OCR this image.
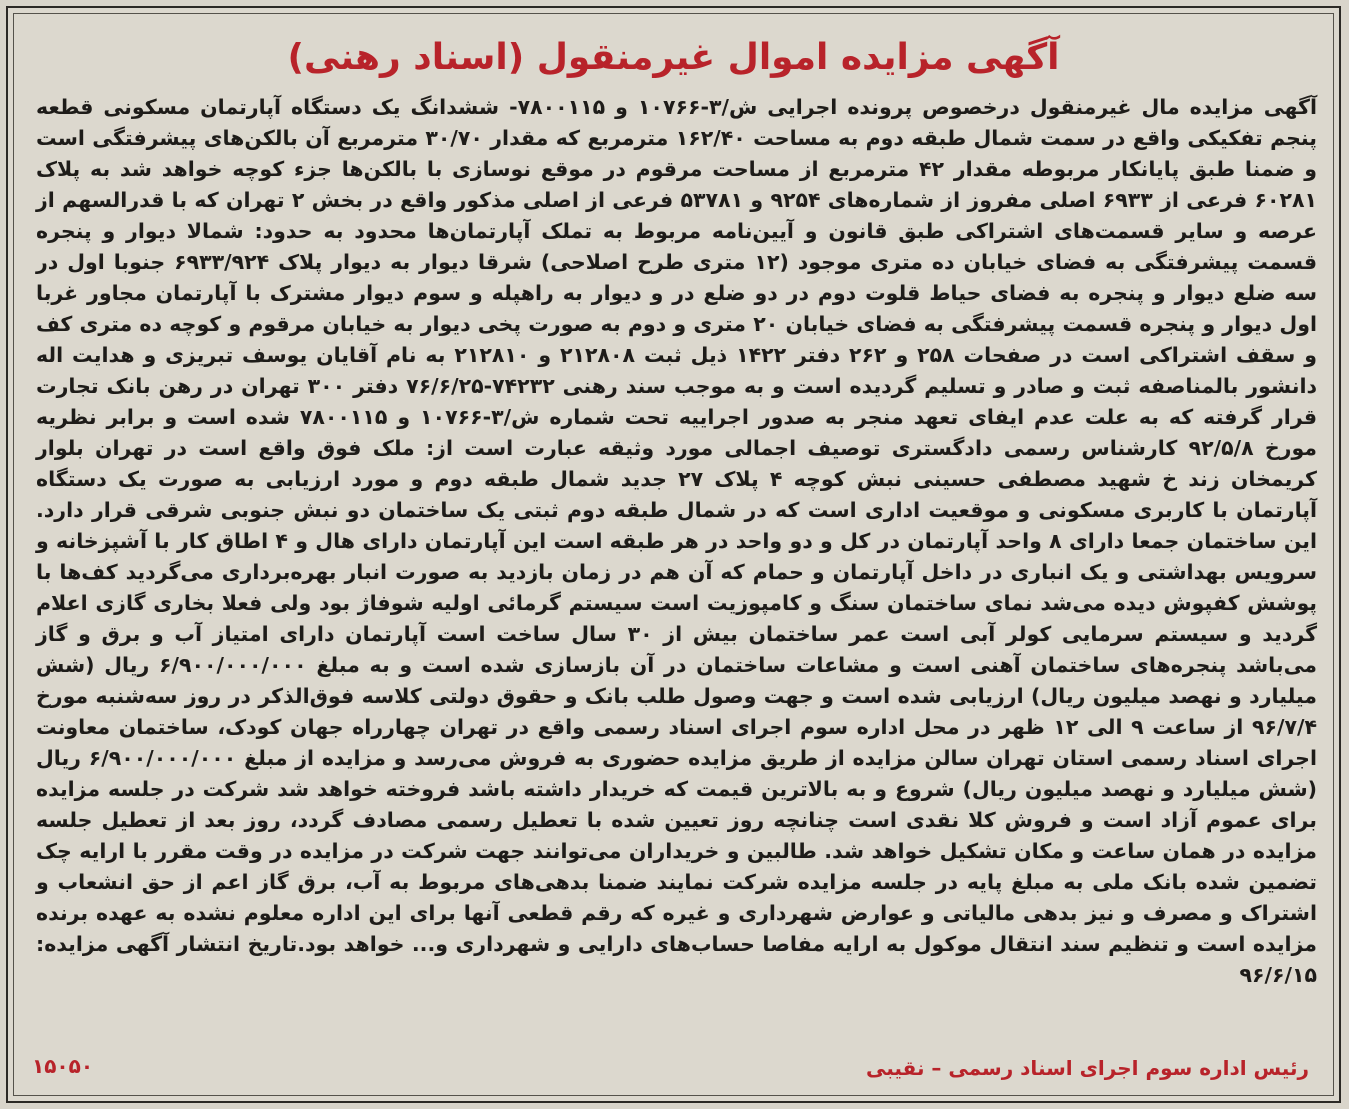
آگهی مزایده اموال غیرمنقول (اسناد رهنی)
آگهی مزایده مال غیرمنقول درخصوص پرونده اجرایی ش/۳-۱۰۷۶۶ و ۷۸۰۰۱۱۵- ششدانگ یک دستگاه آپارتمان مسکونی قطعه پنجم تفکیکی واقع در سمت شمال طبقه دوم به مساحت ۱۶۲/۴۰ مترمربع که مقدار ۳۰/۷۰ مترمربع آن بالکن‌های پیشرفتگی است و ضمنا طبق پایانکار مربوطه مقدار ۴۲ مترمربع از مساحت مرقوم در موقع نوسازی با بالکن‌ها جزء کوچه خواهد شد به پلاک ۶۰۲۸۱ فرعی از ۶۹۳۳ اصلی مفروز از شماره‌های ۹۲۵۴ و ۵۳۷۸۱ فرعی از اصلی مذکور واقع در بخش ۲ تهران که با قدرالسهم از عرصه و سایر قسمت‌های اشتراکی طبق قانون و آیین‌نامه مربوط به تملک آپارتمان‌ها محدود به حدود: شمالا دیوار و پنجره قسمت پیشرفتگی به فضای خیابان ده متری موجود (۱۲ متری طرح اصلاحی) شرقا دیوار به دیوار پلاک ۶۹۳۳/۹۲۴ جنوبا اول در سه ضلع دیوار و پنجره به فضای حیاط قلوت دوم در دو ضلع در و دیوار به راهپله و سوم دیوار مشترک با آپارتمان مجاور غربا اول دیوار و پنجره قسمت پیشرفتگی به فضای خیابان ۲۰ متری و دوم به صورت پخی دیوار به خیابان مرقوم و کوچه ده متری کف و سقف اشتراکی است در صفحات ۲۵۸ و ۲۶۲ دفتر ۱۴۲۲ ذیل ثبت ۲۱۲۸۰۸ و ۲۱۲۸۱۰ به نام آقایان یوسف تبریزی و هدایت اله دانشور بالمناصفه ثبت و صادر و تسلیم گردیده است و به موجب سند رهنی ۷۴۲۳۲-۷۶/۶/۲۵ دفتر ۳۰۰ تهران در رهن بانک تجارت قرار گرفته که به علت عدم ایفای تعهد منجر به صدور اجراییه تحت شماره ش/۳-۱۰۷۶۶ و ۷۸۰۰۱۱۵ شده است و برابر نظریه مورخ ۹۲/۵/۸ کارشناس رسمی دادگستری توصیف اجمالی مورد وثیقه عبارت است از: ملک فوق واقع است در تهران بلوار کریمخان زند خ شهید مصطفی حسینی نبش کوچه ۴ پلاک ۲۷ جدید شمال طبقه دوم و مورد ارزیابی به صورت یک دستگاه آپارتمان با کاربری مسکونی و موقعیت اداری است که در شمال طبقه دوم ثبتی یک ساختمان دو نبش جنوبی شرقی قرار دارد. این ساختمان جمعا دارای ۸ واحد آپارتمان در کل و دو واحد در هر طبقه است این آپارتمان دارای هال و ۴ اطاق کار با آشپزخانه و سرویس بهداشتی و یک انباری در داخل آپارتمان و حمام که آن هم در زمان بازدید به صورت انبار بهره‌برداری می‌گردید کف‌ها با پوشش کفپوش دیده می‌شد نمای ساختمان سنگ و کامپوزیت است سیستم گرمائی اولیه شوفاژ بود ولی فعلا بخاری گازی اعلام گردید و سیستم سرمایی کولر آبی است عمر ساختمان بیش از ۳۰ سال ساخت است آپارتمان دارای امتیاز آب و برق و گاز می‌باشد پنجره‌های ساختمان آهنی است و مشاعات ساختمان در آن بازسازی شده است و به مبلغ ۶/۹۰۰/۰۰۰/۰۰۰ ریال (شش میلیارد و نهصد میلیون ریال) ارزیابی شده است و جهت وصول طلب بانک و حقوق دولتی کلاسه فوق‌الذکر در روز سه‌شنبه مورخ ۹۶/۷/۴ از ساعت ۹ الی ۱۲ ظهر در محل اداره سوم اجرای اسناد رسمی واقع در تهران چهارراه جهان کودک، ساختمان معاونت اجرای اسناد رسمی استان تهران سالن مزایده از طریق مزایده حضوری به فروش می‌رسد و مزایده از مبلغ ۶/۹۰۰/۰۰۰/۰۰۰ ریال (شش میلیارد و نهصد میلیون ریال) شروع و به بالاترین قیمت که خریدار داشته باشد فروخته خواهد شد شرکت در جلسه مزایده برای عموم آزاد است و فروش کلا نقدی است چنانچه روز تعیین شده با تعطیل رسمی مصادف گردد، روز بعد از تعطیل جلسه مزایده در همان ساعت و مکان تشکیل خواهد شد. طالبین و خریداران می‌توانند جهت شرکت در مزایده در وقت مقرر با ارایه چک تضمین شده بانک ملی به مبلغ پایه در جلسه مزایده شرکت نمایند ضمنا بدهی‌های مربوط به آب، برق گاز اعم از حق انشعاب و اشتراک و مصرف و نیز بدهی مالیاتی و عوارض شهرداری و غیره که رقم قطعی آنها برای این اداره معلوم نشده به عهده برنده مزایده است و تنظیم سند انتقال موکول به ارایه مفاصا حساب‌های دارایی و شهرداری و... خواهد بود.تاریخ انتشار آگهی مزایده: ۹۶/۶/۱۵
رئیس اداره سوم اجرای اسناد رسمی – نقیبی
۱۵۰۵۰
